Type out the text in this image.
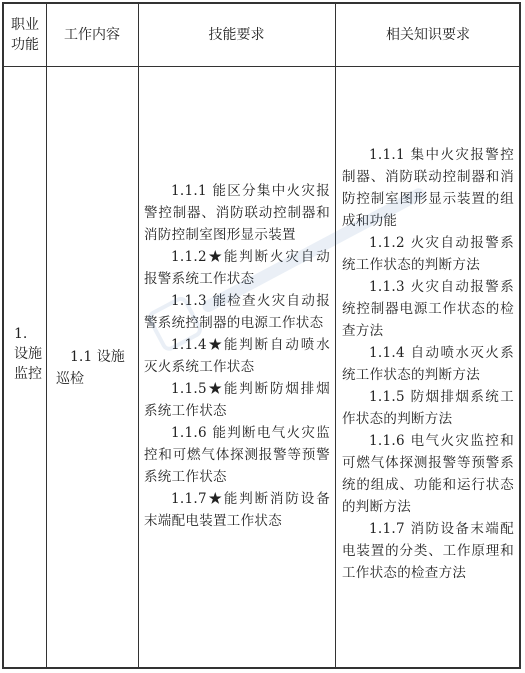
职业
功能
工作内容	技能要求	相关知识要求
1.
设施
监控
1.1 设施
巡检

1.1.1 能区分集中火灾报警控制器、消防联动控制器和消防控制室图形显示装置

1.1.2★能判断火灾自动报警系统工作状态

1.1.3 能检查火灾自动报警系统控制器的电源工作状态

1.1.4★能判断自动喷水灭火系统工作状态

1.1.5★能判断防烟排烟系统工作状态

1.1.6 能判断电气火灾监控和可燃气体探测报警等预警系统工作状态

1.1.7★能判断消防设备末端配电装置工作状态

1.1.1 集中火灾报警控制器、消防联动控制器和消防控制室图形显示装置的组成和功能

1.1.2 火灾自动报警系统工作状态的判断方法

1.1.3 火灾自动报警系统控制器电源工作状态的检查方法

1.1.4 自动喷水灭火系统工作状态的判断方法

1.1.5 防烟排烟系统工作状态的判断方法

1.1.6 电气火灾监控和可燃气体探测报警等预警系统的组成、功能和运行状态的判断方法

1.1.7 消防设备末端配电装置的分类、工作原理和工作状态的检查方法
